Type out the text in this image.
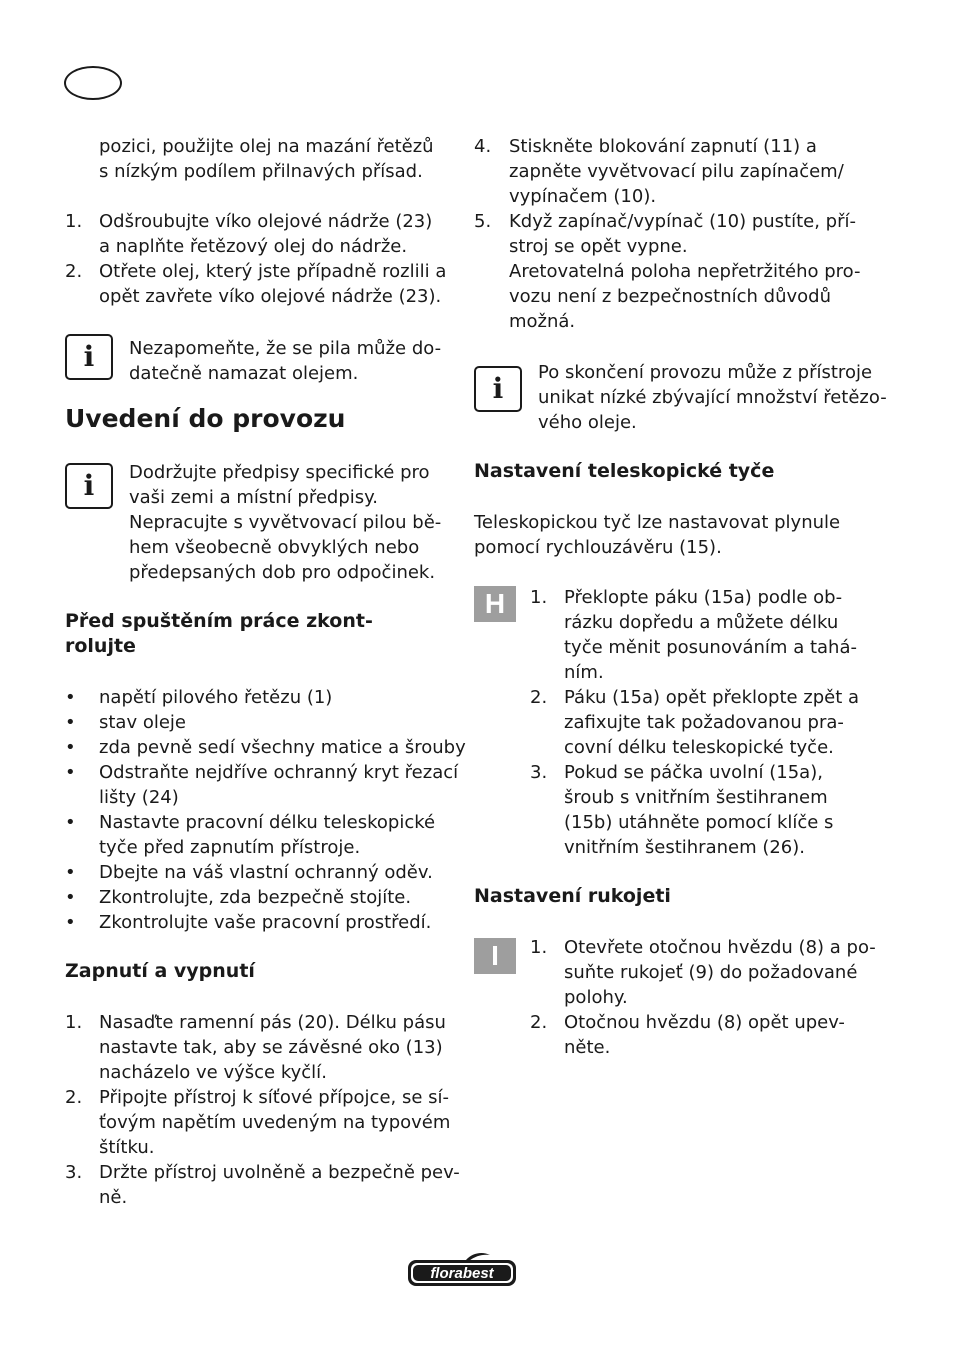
pozici, použijte olej na mazání řetězů
s nízkým podílem přilnavých přísad.
1. Odšroubujte víko olejové nádrže (23)
a naplňte řetězový olej do nádrže.
2. Otřete olej, který jste případně rozlili a
opět zavřete víko olejové nádrže (23).
i Nezapomeňte, že se pila může do-
datečně namazat olejem.
Uvedení do provozu
i Dodržujte předpisy specifické pro
vaši zemi a místní předpisy.
Nepracujte s vyvětvovací pilou bě-
hem všeobecně obvyklých nebo
předepsaných dob pro odpočinek.
Před spuštěním práce zkont-
rolujte
• napětí pilového řetězu (1)
• stav oleje
• zda pevně sedí všechny matice a šrouby
• Odstraňte nejdříve ochranný kryt řezací
lišty (24)
• Nastavte pracovní délku teleskopické
tyče před zapnutím přístroje.
• Dbejte na váš vlastní ochranný oděv.
• Zkontrolujte, zda bezpečně stojíte.
• Zkontrolujte vaše pracovní prostředí.
Zapnutí a vypnutí
1. Nasaďte ramenní pás (20). Délku pásu
nastavte tak, aby se závěsné oko (13)
nacházelo ve výšce kyčlí.
2. Připojte přístroj k síťové přípojce, se sí-
ťovým napětím uvedeným na typovém
štítku.
3. Držte přístroj uvolněně a bezpečně pev-
ně.
4. Stiskněte blokování zapnutí (11) a
zapněte vyvětvovací pilu zapínačem/
vypínačem (10).
5. Když zapínač/vypínač (10) pustíte, pří-
stroj se opět vypne.
Aretovatelná poloha nepřetržitého pro-
vozu není z bezpečnostních důvodů
možná.
i Po skončení provozu může z přístroje
unikat nízké zbývající množství řetězo-
vého oleje.
Nastavení teleskopické tyče
Teleskopickou tyč lze nastavovat plynule
pomocí rychlouzávěru (15).
H	1. Překlopte páku (15a) podle ob-
rázku dopředu a můžete délku
tyče měnit posunováním a tahá-
ním.
2. Páku (15a) opět překlopte zpět a
zafixujte tak požadovanou pra-
covní délku teleskopické tyče.
3. Pokud se páčka uvolní (15a),
šroub s vnitřním šestihranem
(15b) utáhněte pomocí klíče s
vnitřním šestihranem (26).
Nastavení rukojeti
I	1. Otevřete otočnou hvězdu (8) a po-
suňte rukojeť (9) do požadované
polohy.
2. Otočnou hvězdu (8) opět upev-
něte.
florabest
